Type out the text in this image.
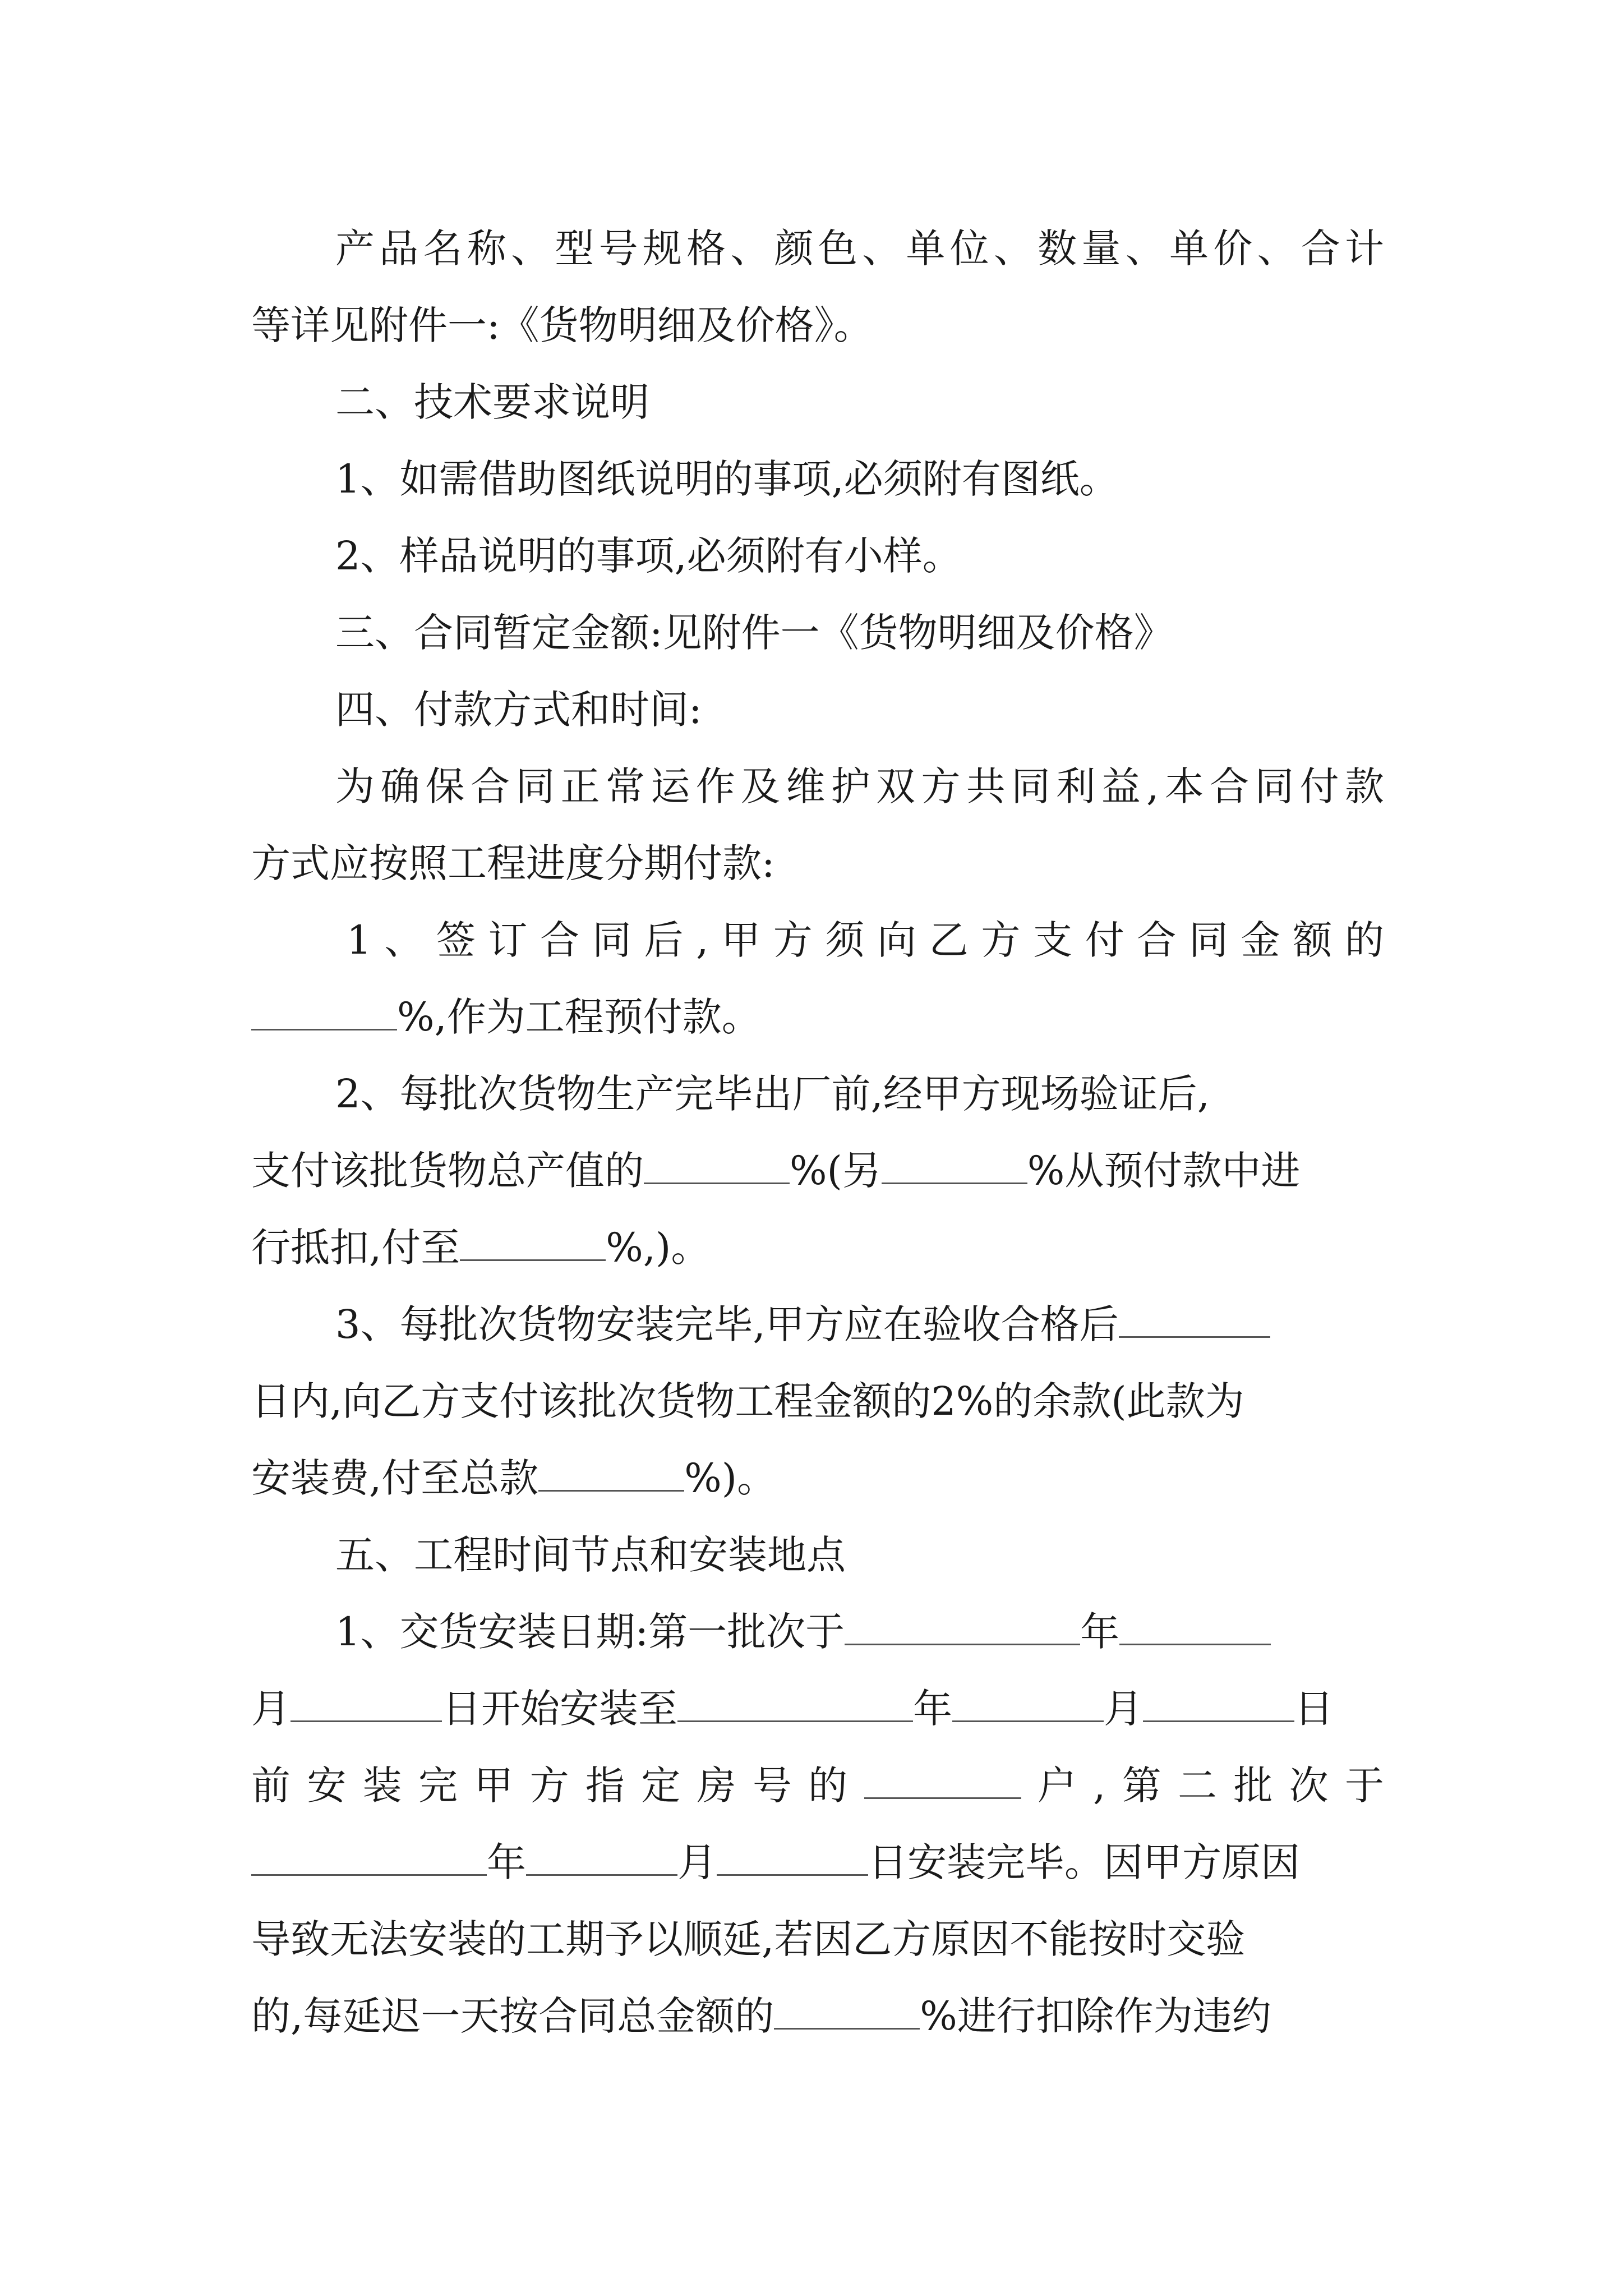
产品名称、型号规格、颜色、单位、数量、单价、合计
等详见附件一:《货物明细及价格》。
二、技术要求说明
1、如需借助图纸说明的事项,必须附有图纸。
2、样品说明的事项,必须附有小样。
三、合同暂定金额:见附件一《货物明细及价格》
四、付款方式和时间:
为确保合同正常运作及维护双方共同利益,本合同付款
方式应按照工程进度分期付款:
1、签订合同后,甲方须向乙方支付合同金额的
%,作为工程预付款。
2、每批次货物生产完毕出厂前,经甲方现场验证后,
支付该批货物总产值的	%(另	%从预付款中进
行抵扣,付至	%,)。
3、每批次货物安装完毕,甲方应在验收合格后
日内,向乙方支付该批次货物工程金额的2%的余款(此款为
安装费,付至总款	%)。
五、工程时间节点和安装地点
1、交货安装日期:第一批次于	年
月	日开始安装至	年	月	日
前安装完甲方指定房号的	户,第二批次于
年	月	日安装完毕。因甲方原因
导致无法安装的工期予以顺延,若因乙方原因不能按时交验
的,每延迟一天按合同总金额的	%进行扣除作为违约
